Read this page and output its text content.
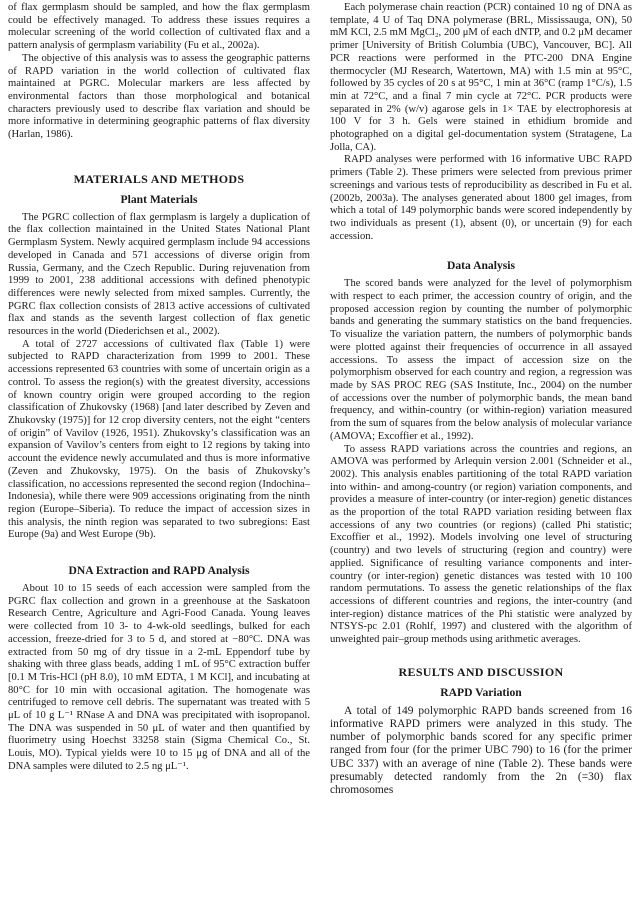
of flax germplasm should be sampled, and how the flax germplasm could be effectively managed. To address these issues requires a molecular screening of the world collection of cultivated flax and a pattern analysis of germplasm variability (Fu et al., 2002a).

The objective of this analysis was to assess the geographic patterns of RAPD variation in the world collection of cultivated flax maintained at PGRC. Molecular markers are less affected by environmental factors than those morphological and botanical characters previously used to describe flax variation and should be more informative in determining geographic patterns of flax diversity (Harlan, 1986).

MATERIALS AND METHODS
Plant Materials

The PGRC collection of flax germplasm is largely a duplication of the flax collection maintained in the United States National Plant Germplasm System. Newly acquired germplasm include 94 accessions developed in Canada and 571 accessions of diverse origin from Russia, Germany, and the Czech Republic. During rejuvenation from 1999 to 2001, 238 additional accessions with defined phenotypic differences were newly selected from mixed samples. Currently, the PGRC flax collection consists of 2813 active accessions of cultivated flax and stands as the seventh largest collection of flax genetic resources in the world (Diederichsen et al., 2002).

A total of 2727 accessions of cultivated flax (Table 1) were subjected to RAPD characterization from 1999 to 2001. These accessions represented 63 countries with some of uncertain origin as a control. To assess the region(s) with the greatest diversity, accessions of known country origin were grouped according to the region classification of Zhukovsky (1968) [and later described by Zeven and Zhukovsky (1975)] for 12 crop diversity centers, not the eight “centers of origin” of Vavilov (1926, 1951). Zhukovsky’s classification was an expansion of Vavilov’s centers from eight to 12 regions by taking into account the evidence newly accumulated and thus is more informative (Zeven and Zhukovsky, 1975). On the basis of Zhukovsky’s classification, no accessions represented the second region (Indochina–Indonesia), while there were 909 accessions originating from the ninth region (Europe–Siberia). To reduce the impact of accession sizes in this analysis, the ninth region was separated to two subregions: East Europe (9a) and West Europe (9b).

DNA Extraction and RAPD Analysis

About 10 to 15 seeds of each accession were sampled from the PGRC flax collection and grown in a greenhouse at the Saskatoon Research Centre, Agriculture and Agri-Food Canada. Young leaves were collected from 10 3- to 4-wk-old seedlings, bulked for each accession, freeze-dried for 3 to 5 d, and stored at −80°C. DNA was extracted from 50 mg of dry tissue in a 2-mL Eppendorf tube by shaking with three glass beads, adding 1 mL of 95°C extraction buffer [0.1 M Tris-HCl (pH 8.0), 10 mM EDTA, 1 M KCl], and incubating at 80°C for 10 min with occasional agitation. The homogenate was centrifuged to remove cell debris. The supernatant was treated with 5 μL of 10 g L⁻¹ RNase A and DNA was precipitated with isopropanol. The DNA was suspended in 50 μL of water and then quantified by fluorimetry using Hoechst 33258 stain (Sigma Chemical Co., St. Louis, MO). Typical yields were 10 to 15 μg of DNA and all of the DNA samples were diluted to 2.5 ng μL⁻¹.

Each polymerase chain reaction (PCR) contained 10 ng of DNA as template, 4 U of Taq DNA polymerase (BRL, Mississauga, ON), 50 mM KCl, 2.5 mM MgCl₂, 200 μM of each dNTP, and 0.2 μM decamer primer [University of British Columbia (UBC), Vancouver, BC]. All PCR reactions were performed in the PTC-200 DNA Engine thermocycler (MJ Research, Watertown, MA) with 1.5 min at 95°C, followed by 35 cycles of 20 s at 95°C, 1 min at 36°C (ramp 1°C/s), 1.5 min at 72°C, and a final 7 min cycle at 72°C. PCR products were separated in 2% (w/v) agarose gels in 1× TAE by electrophoresis at 100 V for 3 h. Gels were stained in ethidium bromide and photographed on a digital gel-documentation system (Stratagene, La Jolla, CA).

RAPD analyses were performed with 16 informative UBC RAPD primers (Table 2). These primers were selected from previous primer screenings and various tests of reproducibility as described in Fu et al. (2002b, 2003a). The analyses generated about 1800 gel images, from which a total of 149 polymorphic bands were scored independently by two individuals as present (1), absent (0), or uncertain (9) for each accession.

Data Analysis

The scored bands were analyzed for the level of polymorphism with respect to each primer, the accession country of origin, and the proposed accession region by counting the number of polymorphic bands and generating the summary statistics on the band frequencies. To visualize the variation pattern, the numbers of polymorphic bands were plotted against their frequencies of occurrence in all assayed accessions. To assess the impact of accession size on the polymorphism observed for each country and region, a regression was made by SAS PROC REG (SAS Institute, Inc., 2004) on the number of accessions over the number of polymorphic bands, the mean band frequency, and within-country (or within-region) variation measured from the sum of squares from the below analysis of molecular variance (AMOVA; Excoffier et al., 1992).

To assess RAPD variations across the countries and regions, an AMOVA was performed by Arlequin version 2.001 (Schneider et al., 2002). This analysis enables partitioning of the total RAPD variation into within- and among-country (or region) variation components, and provides a measure of inter-country (or inter-region) genetic distances as the proportion of the total RAPD variation residing between flax accessions of any two countries (or regions) (called Phi statistic; Excoffier et al., 1992). Models involving one level of structuring (country) and two levels of structuring (region and country) were applied. Significance of resulting variance components and inter-country (or inter-region) genetic distances was tested with 10 100 random permutations. To assess the genetic relationships of the flax accessions of different countries and regions, the inter-country (and inter-region) distance matrices of the Phi statistic were analyzed by NTSYS-pc 2.01 (Rohlf, 1997) and clustered with the algorithm of unweighted pair–group methods using arithmetic averages.

RESULTS AND DISCUSSION
RAPD Variation

A total of 149 polymorphic RAPD bands screened from 16 informative RAPD primers were analyzed in this study. The number of polymorphic bands scored for any specific primer ranged from four (for the primer UBC 790) to 16 (for the primer UBC 337) with an average of nine (Table 2). These bands were presumably detected randomly from the 2n (=30) flax chromosomes
